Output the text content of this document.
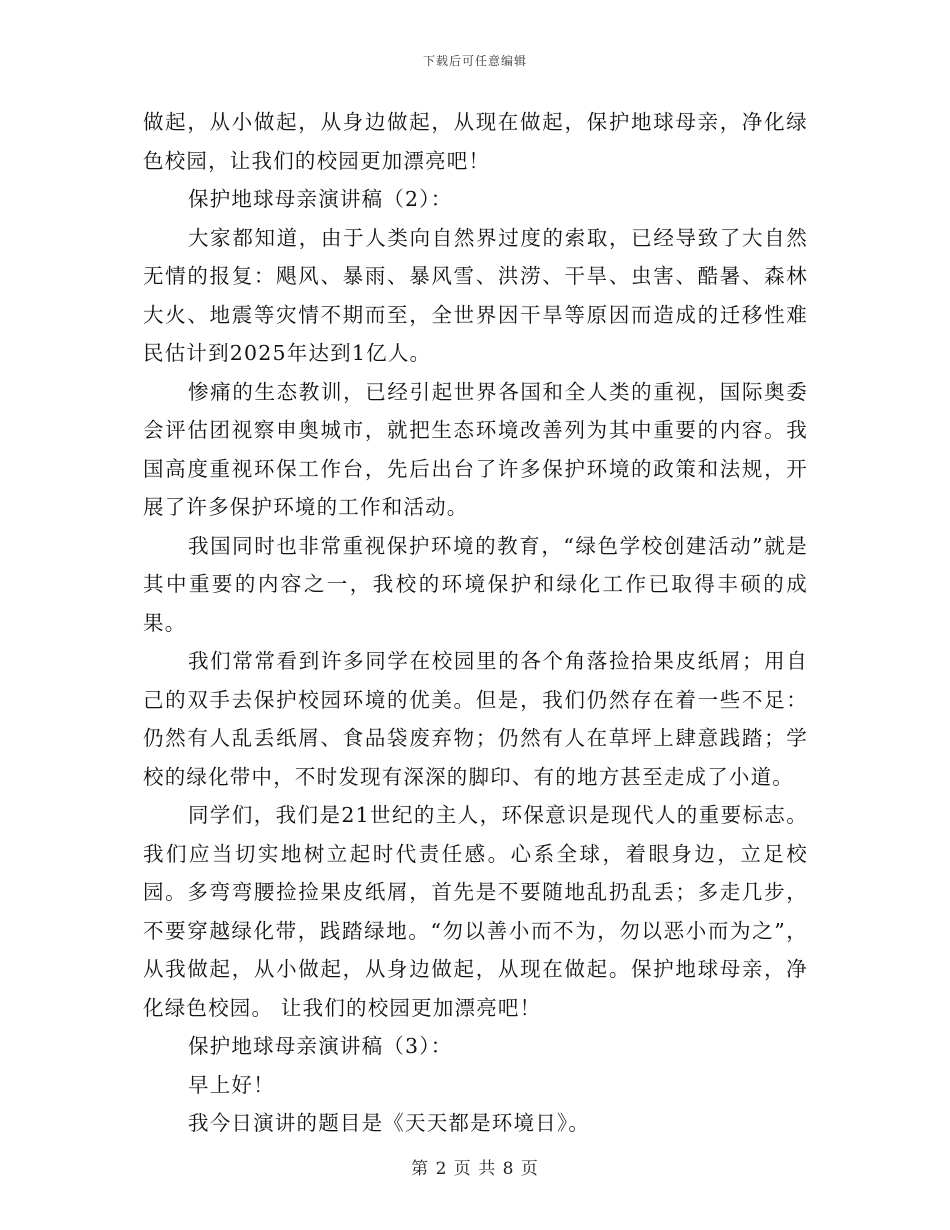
下载后可任意编辑

做起，从小做起，从身边做起，从现在做起，保护地球母亲，净化绿色校园，让我们的校园更加漂亮吧！

保护地球母亲演讲稿（2）：

大家都知道，由于人类向自然界过度的索取，已经导致了大自然无情的报复：飓风、暴雨、暴风雪、洪涝、干旱、虫害、酷暑、森林大火、地震等灾情不期而至，全世界因干旱等原因而造成的迁移性难民估计到2025年达到1亿人。

惨痛的生态教训，已经引起世界各国和全人类的重视，国际奥委会评估团视察申奥城市，就把生态环境改善列为其中重要的内容。我国高度重视环保工作台，先后出台了许多保护环境的政策和法规，开展了许多保护环境的工作和活动。

我国同时也非常重视保护环境的教育，“绿色学校创建活动”就是其中重要的内容之一，我校的环境保护和绿化工作已取得丰硕的成果。

我们常常看到许多同学在校园里的各个角落捡拾果皮纸屑；用自己的双手去保护校园环境的优美。但是，我们仍然存在着一些不足：仍然有人乱丢纸屑、食品袋废弃物；仍然有人在草坪上肆意践踏；学校的绿化带中，不时发现有深深的脚印、有的地方甚至走成了小道。

同学们，我们是21世纪的主人，环保意识是现代人的重要标志。我们应当切实地树立起时代责任感。心系全球，着眼身边，立足校园。多弯弯腰捡捡果皮纸屑，首先是不要随地乱扔乱丢；多走几步，不要穿越绿化带，践踏绿地。“勿以善小而不为，勿以恶小而为之”，从我做起，从小做起，从身边做起，从现在做起。保护地球母亲，净化绿色校园。 让我们的校园更加漂亮吧！

保护地球母亲演讲稿（3）：

早上好！

我今日演讲的题目是《天天都是环境日》。

第 2 页 共 8 页
